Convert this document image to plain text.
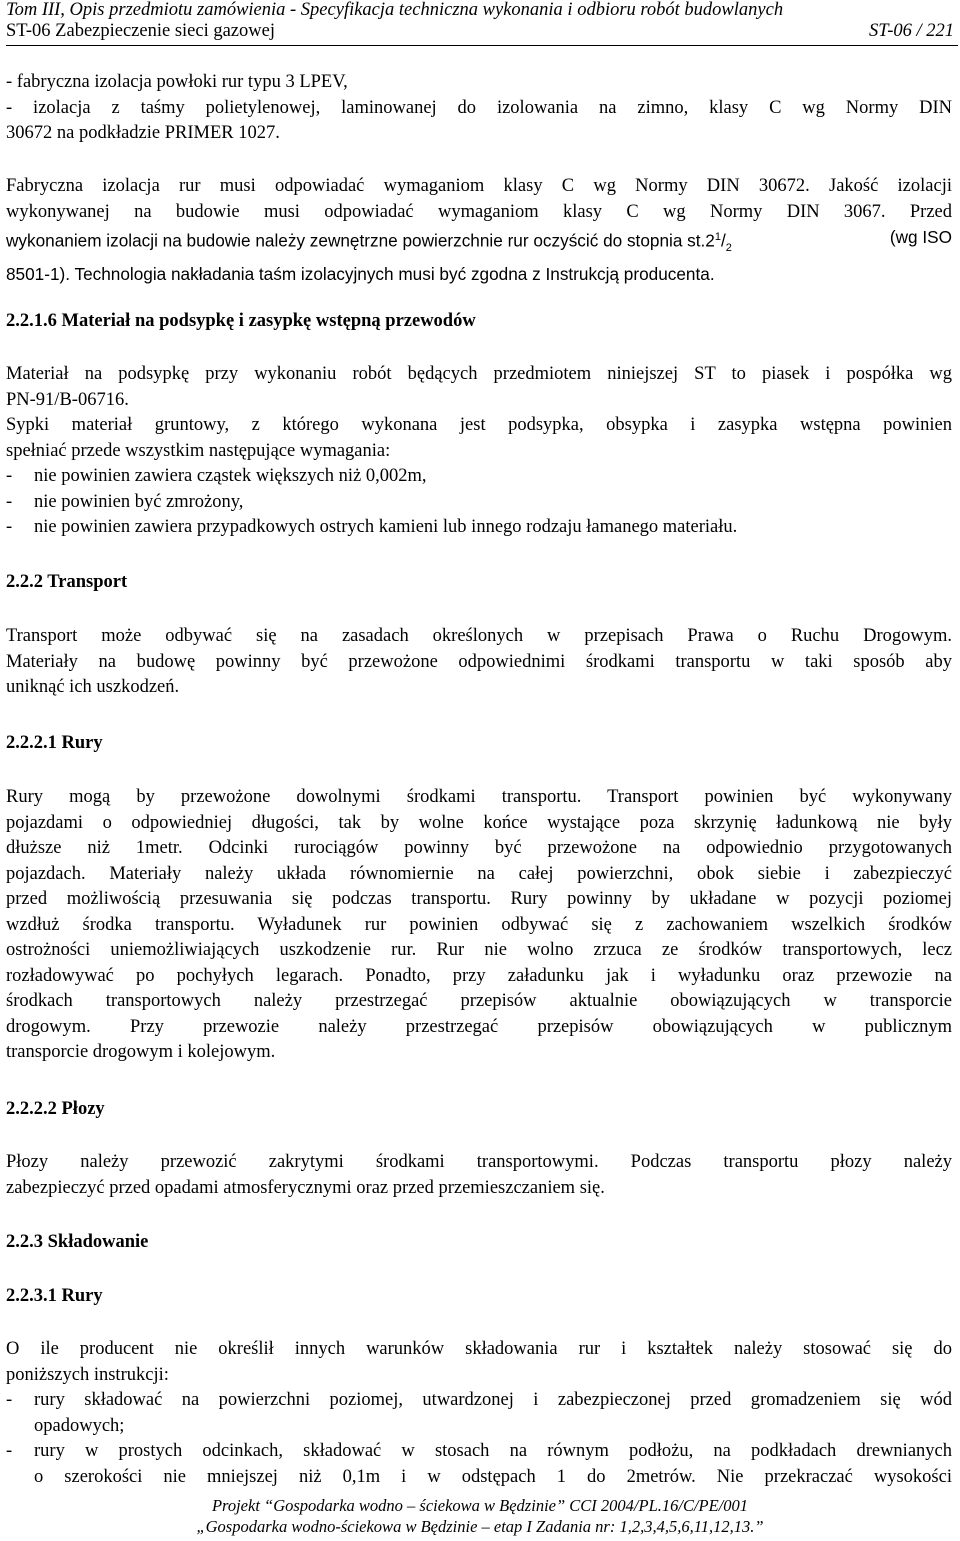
Tom III, Opis przedmiotu zamówienia - Specyfikacja techniczna wykonania i odbioru robót budowlanych
ST-06 Zabezpieczenie sieci gazowej	ST-06 / 221
- fabryczna izolacja powłoki rur typu 3 LPEV,
- izolacja z taśmy polietylenowej, laminowanej do izolowania na zimno, klasy C wg Normy DIN
30672 na podkładzie PRIMER 1027.
Fabryczna izolacja rur musi odpowiadać wymaganiom klasy C wg Normy DIN 30672. Jakość izolacji
wykonywanej na budowie musi odpowiadać wymaganiom klasy C wg Normy DIN 3067. Przed
wykonaniem izolacji na budowie należy zewnętrzne powierzchnie rur oczyścić do stopnia $st.2^1/_2$
(wg ISO
8501-1). Technologia nakładania taśm izolacyjnych musi być zgodna z Instrukcją producenta.
2.2.1.6 Materiał na podsypkę i zasypkę wstępną przewodów
Materiał na podsypkę przy wykonaniu robót będących przedmiotem niniejszej ST to piasek i pospółka wg
PN-91/B-06716.
Sypki materiał gruntowy, z którego wykonana jest podsypka, obsypka i zasypka wstępna powinien
spełniać przede wszystkim następujące wymagania:
- nie powinien zawiera cząstek większych niż 0,002m,
- nie powinien być zmrożony,
- nie powinien zawiera przypadkowych ostrych kamieni lub innego rodzaju łamanego materiału.
2.2.2 Transport
Transport może odbywać się na zasadach określonych w przepisach Prawa o Ruchu Drogowym.
Materiały na budowę powinny być przewożone odpowiednimi środkami transportu w taki sposób aby
uniknąć ich uszkodzeń.
2.2.2.1 Rury
Rury mogą by przewożone dowolnymi środkami transportu. Transport powinien być wykonywany
pojazdami o odpowiedniej długości, tak by wolne końce wystające poza skrzynię ładunkową nie były
dłuższe niż 1metr. Odcinki rurociągów powinny być przewożone na odpowiednio przygotowanych
pojazdach. Materiały należy układa równomiernie na całej powierzchni, obok siebie i zabezpieczyć
przed możliwością przesuwania się podczas transportu. Rury powinny by układane w pozycji poziomej
wzdłuż środka transportu. Wyładunek rur powinien odbywać się z zachowaniem wszelkich środków
ostrożności uniemożliwiających uszkodzenie rur. Rur nie wolno zrzuca ze środków transportowych, lecz
rozładowywać po pochyłych legarach. Ponadto, przy załadunku jak i wyładunku oraz przewozie na
środkach transportowych należy przestrzegać przepisów aktualnie obowiązujących w transporcie
drogowym. Przy przewozie należy przestrzegać przepisów obowiązujących w publicznym
transporcie drogowym i kolejowym.
2.2.2.2 Płozy
Płozy należy przewozić zakrytymi środkami transportowymi. Podczas transportu płozy należy
zabezpieczyć przed opadami atmosferycznymi oraz przed przemieszczaniem się.
2.2.3 Składowanie
2.2.3.1 Rury
O ile producent nie określił innych warunków składowania rur i kształtek należy stosować się do
poniższych instrukcji:
-	rury składować na powierzchni poziomej, utwardzonej i zabezpieczonej przed gromadzeniem się wód
opadowych;
-	rury w prostych odcinkach, składować w stosach na równym podłożu, na podkładach drewnianych
o szerokości nie mniejszej niż 0,1m i w odstępach 1 do 2metrów. Nie przekraczać wysokości
Projekt “Gospodarka wodno – ściekowa w Będzinie” CCI 2004/PL.16/C/PE/001
„Gospodarka wodno-ściekowa w Będzinie – etap I Zadania nr: 1,2,3,4,5,6,11,12,13.”
